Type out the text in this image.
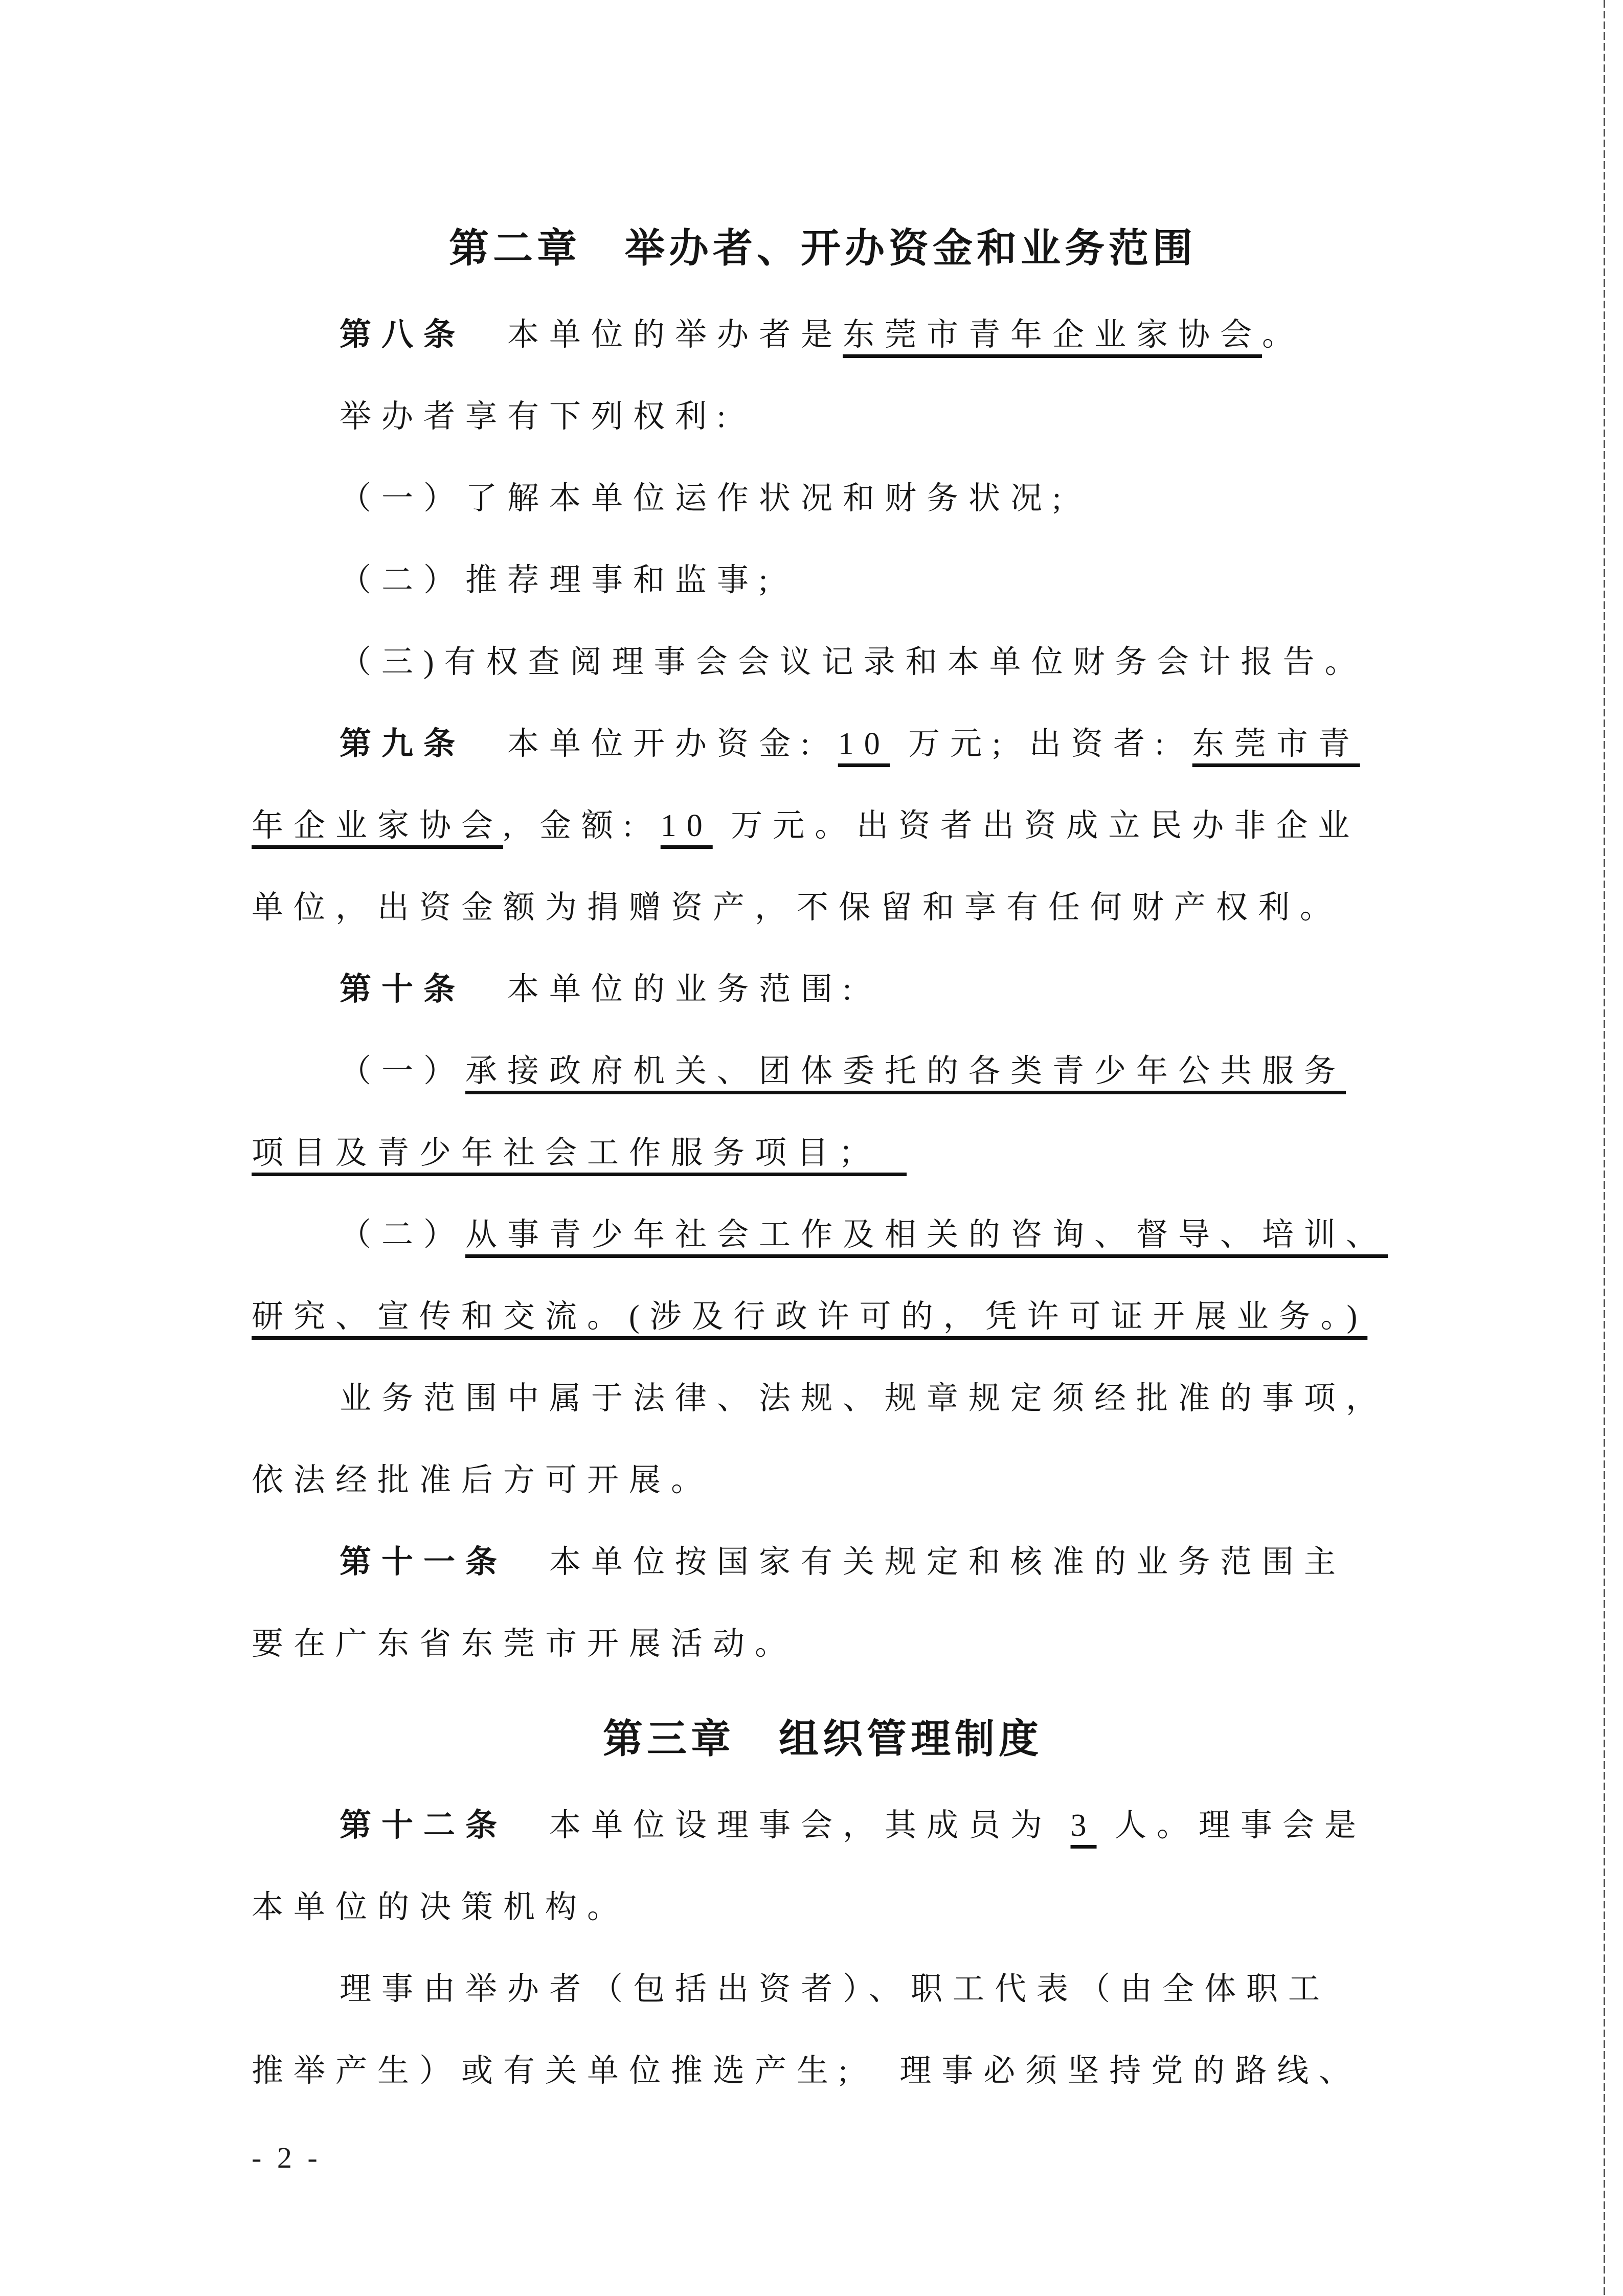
第二章　举办者、开办资金和业务范围
第八条　本单位的举办者是东莞市青年企业家协会。
举办者享有下列权利:
（一）了解本单位运作状况和财务状况;
（二）推荐理事和监事;
（三)有权查阅理事会会议记录和本单位财务会计报告。
第九条　本单位开办资金: 10 万元; 出资者: 东莞市青
年企业家协会, 金额: 10 万元。出资者出资成立民办非企业
单位，出资金额为捐赠资产，不保留和享有任何财产权利。
第十条　本单位的业务范围:
（一）承接政府机关、团体委托的各类青少年公共服务
项目及青少年社会工作服务项目；　
（二）从事青少年社会工作及相关的咨询、督导、培训、
研究、宣传和交流。(涉及行政许可的，凭许可证开展业务。)
业务范围中属于法律、法规、规章规定须经批准的事项，
依法经批准后方可开展。
第十一条　本单位按国家有关规定和核准的业务范围主
要在广东省东莞市开展活动。
第三章　组织管理制度
第十二条　本单位设理事会，其成员为 3 人。理事会是
本单位的决策机构。
理事由举办者（包括出资者）、职工代表（由全体职工
推举产生）或有关单位推选产生;　理事必须坚持党的路线、
- 2 -
